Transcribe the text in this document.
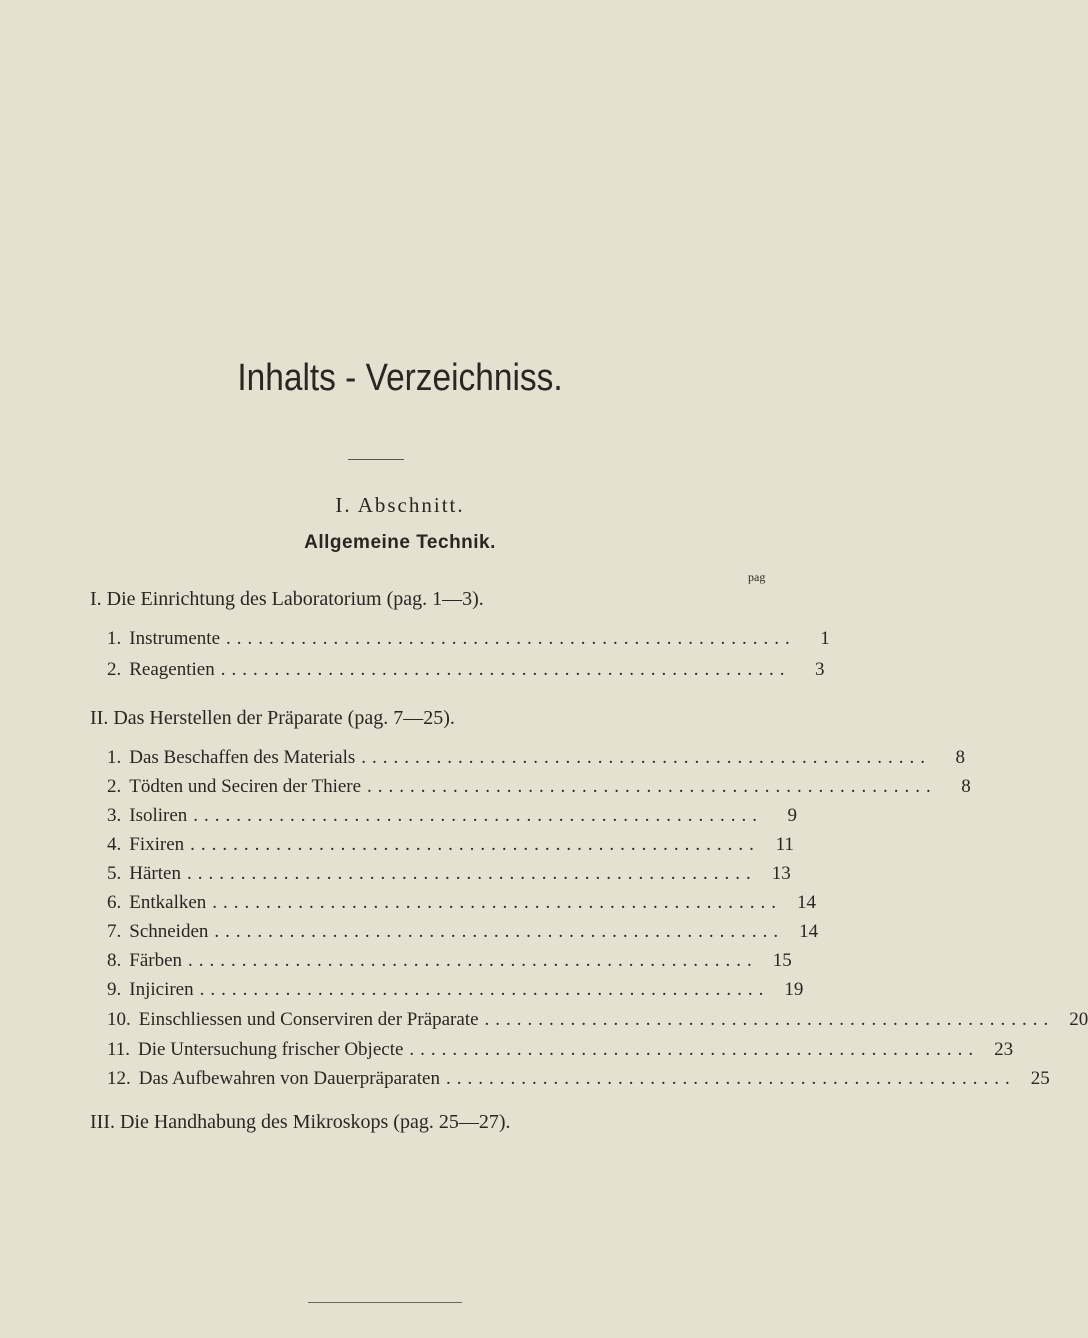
Inhalts - Verzeichniss.
I. Abschnitt.
Allgemeine Technik.
pag
I. Die Einrichtung des Laboratorium (pag. 1—3).
1. Instrumente .....................................................	1
2. Reagentien .....................................................	3
II. Das Herstellen der Präparate (pag. 7—25).
1. Das Beschaffen des Materials .....................................................	8
2. Tödten und Seciren der Thiere .....................................................	8
3. Isoliren .....................................................	9
4. Fixiren ..................................................... 11
5. Härten ..................................................... 13
6. Entkalken ..................................................... 14
7. Schneiden ..................................................... 14
8. Färben ..................................................... 15
9. Injiciren ..................................................... 19
10. Einschliessen und Conserviren der Präparate ..................................................... 20
11. Die Untersuchung frischer Objecte ..................................................... 23
12. Das Aufbewahren von Dauerpräparaten ..................................................... 25
III. Die Handhabung des Mikroskops (pag. 25—27).
